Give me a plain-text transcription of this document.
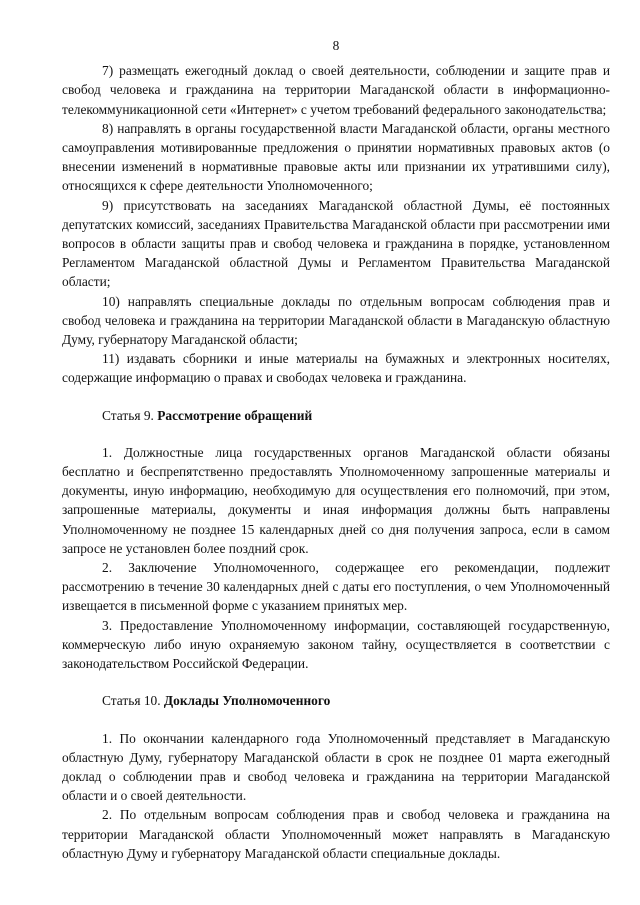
8

7) размещать ежегодный доклад о своей деятельности, соблюдении и защите прав и свобод человека и гражданина на территории Магаданской области в информационно-телекоммуникационной сети «Интернет» с учетом требований федерального законодательства;

8) направлять в органы государственной власти Магаданской области, органы местного самоуправления мотивированные предложения о принятии нормативных правовых актов (о внесении изменений в нормативные правовые акты или признании их утратившими силу), относящихся к сфере деятельности Уполномоченного;

9) присутствовать на заседаниях Магаданской областной Думы, её постоянных депутатских комиссий, заседаниях Правительства Магаданской области при рассмотрении ими вопросов в области защиты прав и свобод человека и гражданина в порядке, установленном Регламентом Магаданской областной Думы и Регламентом Правительства Магаданской области;

10) направлять специальные доклады по отдельным вопросам соблюдения прав и свобод человека и гражданина на территории Магаданской области в Магаданскую областную Думу, губернатору Магаданской области;

11) издавать сборники и иные материалы на бумажных и электронных носителях, содержащие информацию о правах и свободах человека и гражданина.

Статья 9. Рассмотрение обращений

1. Должностные лица государственных органов Магаданской области обязаны бесплатно и беспрепятственно предоставлять Уполномоченному запрошенные материалы и документы, иную информацию, необходимую для осуществления его полномочий, при этом, запрошенные материалы, документы и иная информация должны быть направлены Уполномоченному не позднее 15 календарных дней со дня получения запроса, если в самом запросе не установлен более поздний срок.

2. Заключение Уполномоченного, содержащее его рекомендации, подлежит рассмотрению в течение 30 календарных дней с даты его поступления, о чем Уполномоченный извещается в письменной форме с указанием принятых мер.

3. Предоставление Уполномоченному информации, составляющей государственную, коммерческую либо иную охраняемую законом тайну, осуществляется в соответствии с законодательством Российской Федерации.

Статья 10. Доклады Уполномоченного

1. По окончании календарного года Уполномоченный представляет в Магаданскую областную Думу, губернатору Магаданской области в срок не позднее 01 марта ежегодный доклад о соблюдении прав и свобод человека и гражданина на территории Магаданской области и о своей деятельности.

2. По отдельным вопросам соблюдения прав и свобод человека и гражданина на территории Магаданской области Уполномоченный может направлять в Магаданскую областную Думу и губернатору Магаданской области специальные доклады.
